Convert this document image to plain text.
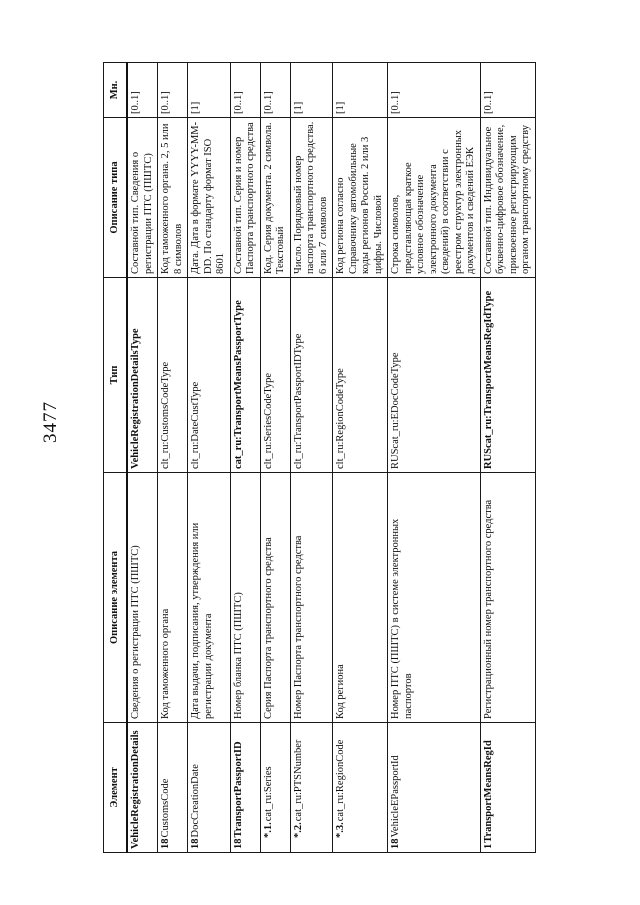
3477
Элемент	Описание элемента	Тип	Описание типа	Мн.
VehicleRegistrationDetails	Сведения о регистрации ПТС (ПШТС)	VehicleRegistrationDetailsType	Составной тип. Сведения о регистрации ПТС (ПШТС)	[0..1]
18CustomsCode	Код таможенного органа	clt_ru:CustomsCodeType	Код таможенного органа. 2, 5 или 8 символов	[0..1]
18DocCreationDate	Дата выдачи, подписания, утверждения или регистрации документа	clt_ru:DateCustType	Дата. Дата в формате YYYY-MM-DD. По стандарту формат ISO 8601	[1]
18TransportPassportID	Номер бланка ПТС (ПШТС)	cat_ru:TransportMeansPassportType	Составной тип. Серия и номер Паспорта транспортного средства	[0..1]
*.1.cat_ru:Series	Серия Паспорта транспортного средства	clt_ru:SeriesCodeType	Код. Серия документа. 2 символа. Текстовый	[0..1]
*.2.cat_ru:PTSNumber	Номер Паспорта транспортного средства	clt_ru:TransportPassportIDType	Число. Порядковый номер паспорта транспортного средства. 6 или 7 символов	[1]
*.3.cat_ru:RegionCode	Код региона	clt_ru:RegionCodeType	Код региона согласно Справочнику автомобильные коды регионов России. 2 или 3 цифры. Числовой	[1]
18VehicleEPassportId	Номер ПТС (ПШТС) в системе электронных паспортов	RUScat_ru:EDocCodeType	Строка символов, представляющая краткое условное обозначение электронного документа (сведений) в соответствии с реестром структур электронных документов и сведений ЕЭК	[0..1]
1TransportMeansRegId	Регистрационный номер транспортного средства	RUScat_ru:TransportMeansRegIdType	Составной тип. Индивидуальное буквенно-цифровое обозначение, присвоенное регистрирующим органом транспортному средству	[0..1]
